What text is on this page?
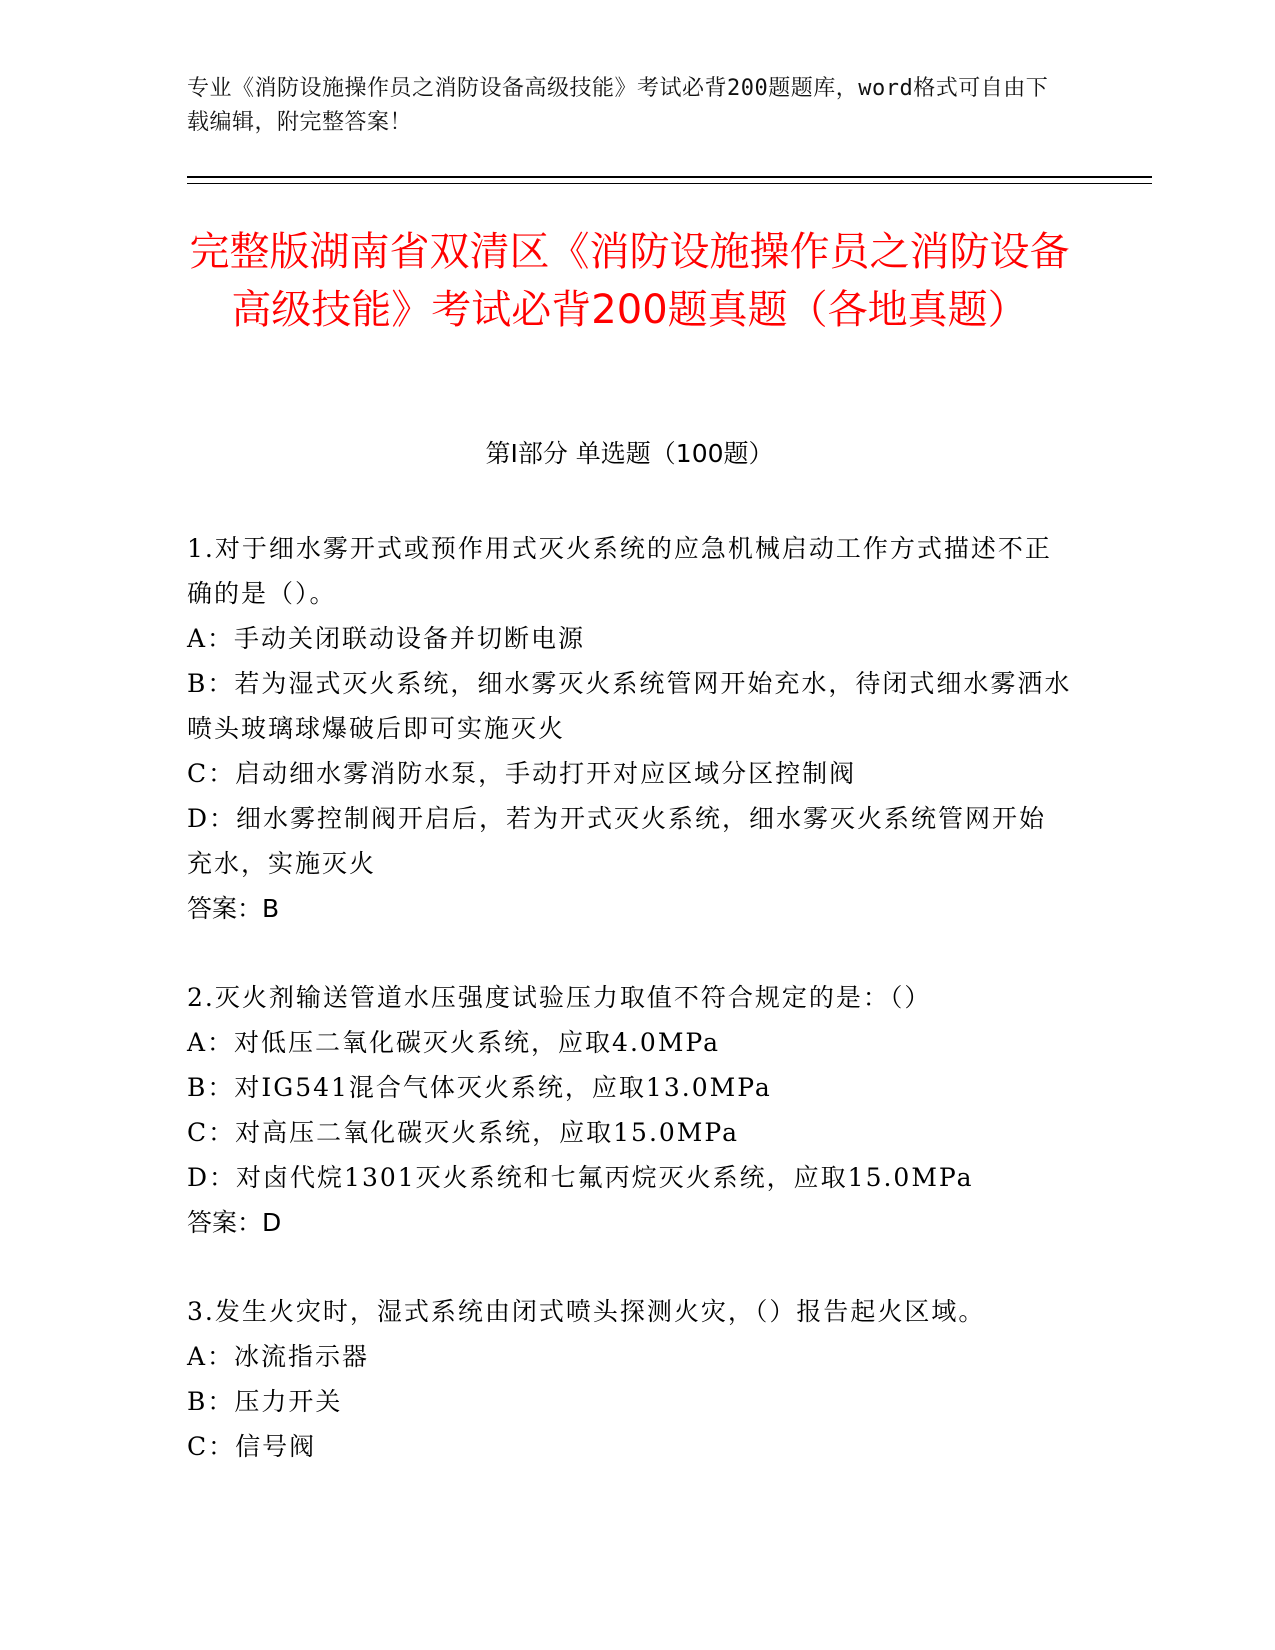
专业《消防设施操作员之消防设备高级技能》考试必背200题题库，word格式可自由下载编辑，附完整答案！
完整版湖南省双清区《消防设施操作员之消防设备高级技能》考试必背200题真题（各地真题）
第Ⅰ部分 单选题（100题）

1.对于细水雾开式或预作用式灭火系统的应急机械启动工作方式描述不正确的是（）。

A：手动关闭联动设备并切断电源

B：若为湿式灭火系统，细水雾灭火系统管网开始充水，待闭式细水雾洒水喷头玻璃球爆破后即可实施灭火

C：启动细水雾消防水泵，手动打开对应区域分区控制阀

D：细水雾控制阀开启后，若为开式灭火系统，细水雾灭火系统管网开始充水，实施灭火

答案：B

2.灭火剂输送管道水压强度试验压力取值不符合规定的是：（）

A：对低压二氧化碳灭火系统，应取4.0MPa

B：对IG541混合气体灭火系统，应取13.0MPa

C：对高压二氧化碳灭火系统，应取15.0MPa

D：对卤代烷1301灭火系统和七氟丙烷灭火系统，应取15.0MPa

答案：D

3.发生火灾时，湿式系统由闭式喷头探测火灾，（）报告起火区域。

A：冰流指示器

B：压力开关

C：信号阀
